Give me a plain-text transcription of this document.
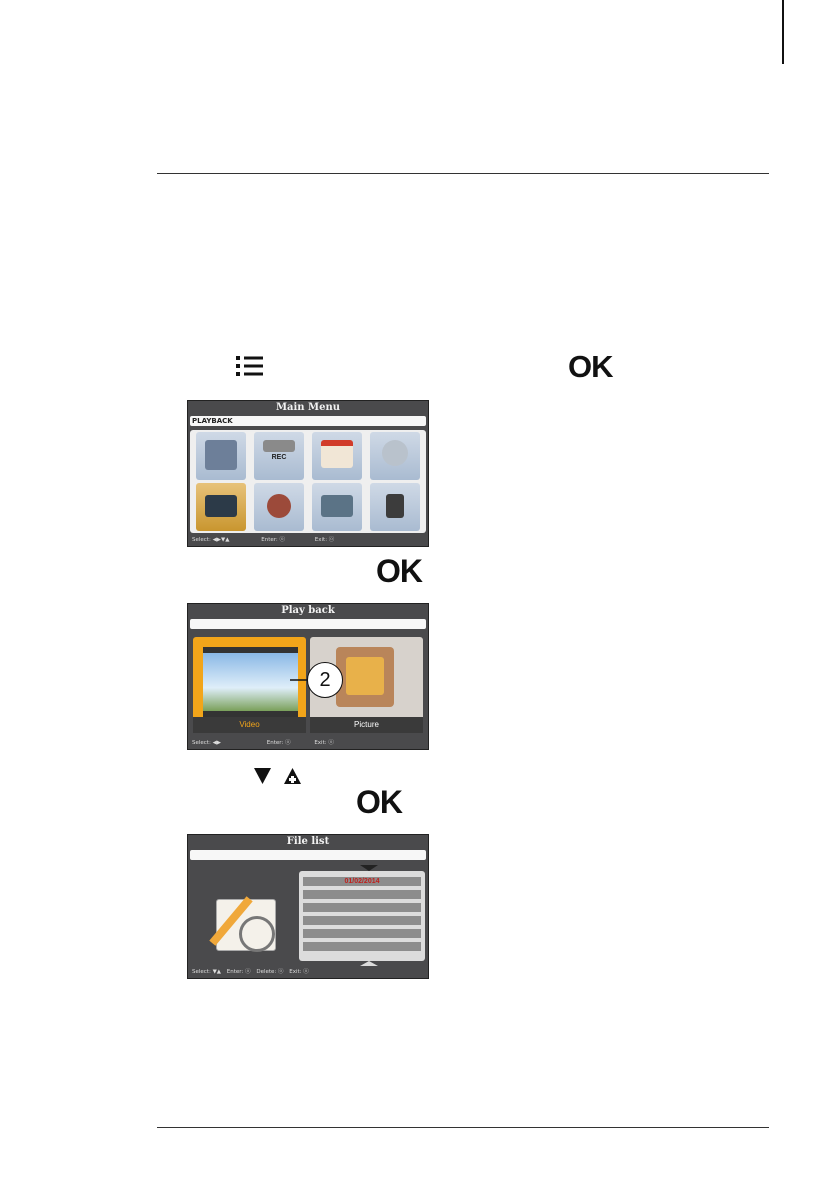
OK
Main Menu
PLAYBACK
REC
Select: ◀▶▼▲	Enter: ⓞ	Exit: ⓞ
OK
Play back
Video	Picture
Select: ◀▶	Enter: ⓞ	Exit: ⓞ
2
OK
File list
01/02/2014
Select: ▼▲ Enter: ⓞ Delete: ⓞ Exit: ⓞ
